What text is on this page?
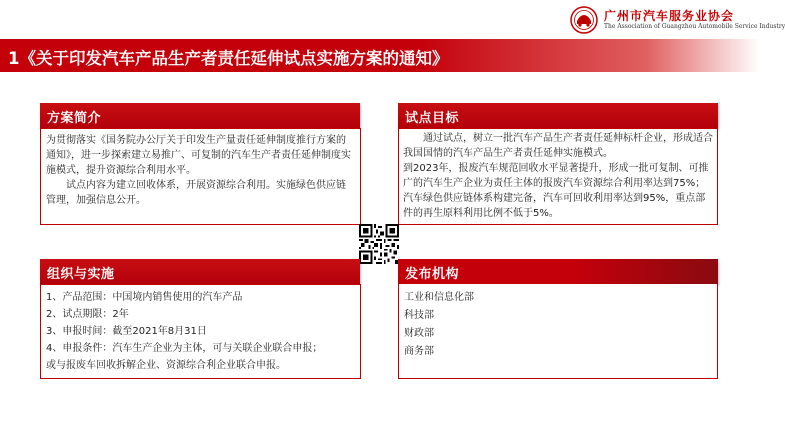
广州市汽车服务业协会
The Association of Guangzhou Automobile Service Industry
1《关于印发汽车产品生产者责任延伸试点实施方案的通知》
方案简介

为贯彻落实《国务院办公厅关于印发生产量责任延伸制度推行方案的通知》，进一步探索建立易推广、可复制的汽车生产者责任延伸制度实施模式，提升资源综合利用水平。

试点内容为建立回收体系，开展资源综合利用。实施绿色供应链管理，加强信息公开。

试点目标

通过试点，树立一批汽车产品生产者责任延伸标杆企业，形成适合我国国情的汽车产品生产者责任延伸实施模式。

到2023年，报废汽车规范回收水平显著提升，形成一批可复制、可推广的汽车生产企业为责任主体的报废汽车资源综合利用率达到75%；汽车绿色供应链体系构建完备，汽车可回收利用率达到95%，重点部件的再生原料利用比例不低于5%。

组织与实施

1、产品范围：中国境内销售使用的汽车产品

2、试点期限：2年

3、申报时间：截至2021年8月31日

4、申报条件：汽车生产企业为主体，可与关联企业联合申报；

或与报废车回收拆解企业、资源综合利企业联合申报。

发布机构

工业和信息化部

科技部

财政部

商务部
